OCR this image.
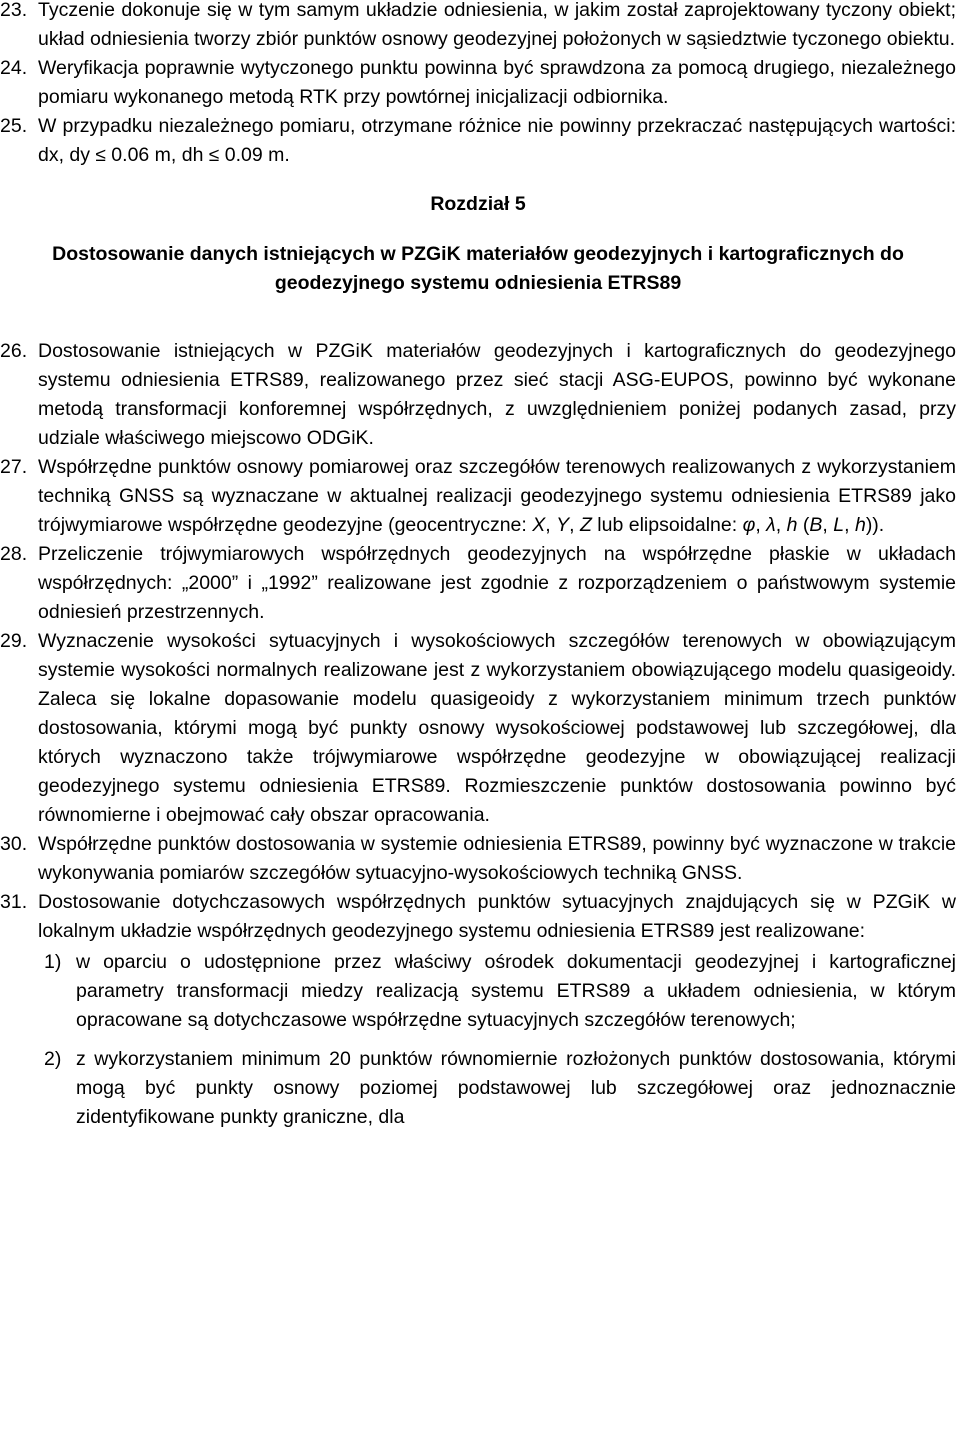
23. Tyczenie dokonuje się w tym samym układzie odniesienia, w jakim został zaprojektowany tyczony obiekt; układ odniesienia tworzy zbiór punktów osnowy geodezyjnej położonych w sąsiedztwie tyczonego obiektu.
24. Weryfikacja poprawnie wytyczonego punktu powinna być sprawdzona za pomocą drugiego, niezależnego pomiaru wykonanego metodą RTK przy powtórnej inicjalizacji odbiornika.
25. W przypadku niezależnego pomiaru, otrzymane różnice nie powinny przekraczać następujących wartości: dx, dy ≤ 0.06 m, dh ≤ 0.09 m.
Rozdział 5
Dostosowanie danych istniejących w PZGiK materiałów geodezyjnych i kartograficznych do geodezyjnego systemu odniesienia ETRS89
26. Dostosowanie istniejących w PZGiK materiałów geodezyjnych i kartograficznych do geodezyjnego systemu odniesienia ETRS89, realizowanego przez sieć stacji ASG-EUPOS, powinno być wykonane metodą transformacji konforemnej współrzędnych, z uwzględnieniem poniżej podanych zasad, przy udziale właściwego miejscowo ODGiK.
27. Współrzędne punktów osnowy pomiarowej oraz szczegółów terenowych realizowanych z wykorzystaniem techniką GNSS są wyznaczane w aktualnej realizacji geodezyjnego systemu odniesienia ETRS89 jako trójwymiarowe współrzędne geodezyjne (geocentryczne: X, Y, Z lub elipsoidalne: φ, λ, h (B, L, h)).
28. Przeliczenie trójwymiarowych współrzędnych geodezyjnych na współrzędne płaskie w układach współrzędnych: „2000” i „1992” realizowane jest zgodnie z rozporządzeniem o państwowym systemie odniesień przestrzennych.
29. Wyznaczenie wysokości sytuacyjnych i wysokościowych szczegółów terenowych w obowiązującym systemie wysokości normalnych realizowane jest z wykorzystaniem obowiązującego modelu quasigeoidy. Zaleca się lokalne dopasowanie modelu quasigeoidy z wykorzystaniem minimum trzech punktów dostosowania, którymi mogą być punkty osnowy wysokościowej podstawowej lub szczegółowej, dla których wyznaczono także trójwymiarowe współrzędne geodezyjne w obowiązującej realizacji geodezyjnego systemu odniesienia ETRS89. Rozmieszczenie punktów dostosowania powinno być równomierne i obejmować cały obszar opracowania.
30. Współrzędne punktów dostosowania w systemie odniesienia ETRS89, powinny być wyznaczone w trakcie wykonywania pomiarów szczegółów sytuacyjno-wysokościowych techniką GNSS.
31. Dostosowanie dotychczasowych współrzędnych punktów sytuacyjnych znajdujących się w PZGiK w lokalnym układzie współrzędnych geodezyjnego systemu odniesienia ETRS89 jest realizowane:
1) w oparciu o udostępnione przez właściwy ośrodek dokumentacji geodezyjnej i kartograficznej parametry transformacji miedzy realizacją systemu ETRS89 a układem odniesienia, w którym opracowane są dotychczasowe współrzędne sytuacyjnych szczegółów terenowych;
2) z wykorzystaniem minimum 20 punktów równomiernie rozłożonych punktów dostosowania, którymi mogą być punkty osnowy poziomej podstawowej lub szczegółowej oraz jednoznacznie zidentyfikowane punkty graniczne, dla
